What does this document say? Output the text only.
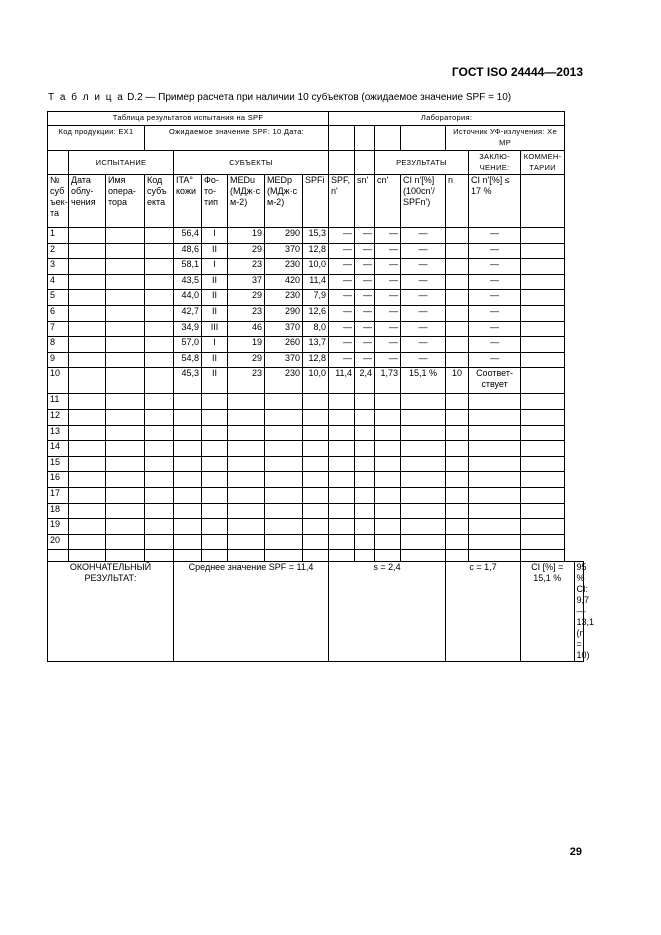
ГОСТ ISO 24444—2013
Т а б л и ц а D.2 — Пример расчета при наличии 10 субъектов (ожидаемое значение SPF = 10)
Таблица результатов испытания на SPF									Лаборатория:							
Код продукции: EX1			Ожидаемое значение SPF: 10 Дата:										Источник УФ-излучения: Xe MP			
	ИСПЫТАНИЕ			СУБЪЕКТЫ							РЕЗУЛЬТАТЫ			ЗАКЛЮ-ЧЕНИЕ:	КОММЕН-ТАРИИ	
№ суб ъек-та	Дата облу-чения	Имя опера-тора	Код субъ екта	ITA° кожи	Фо-то-тип	MEDu (МДж·с м-2)	MEDp (МДж·с м-2)	SPFi	SPF, n'	sn'	cn'	CI n'[%] (100cn'/ SPFn')	n	CI n'[%] ≤ 17 %		
1				56,4	I	19	290	15,3	—	—	—	—		—		
2				48,6	II	29	370	12,8	—	—	—	—		—		
3				58,1	I	23	230	10,0	—	—	—	—		—		
4				43,5	II	37	420	11,4	—	—	—	—		—		
5				44,0	II	29	230	7,9	—	—	—	—		—		
6				42,7	II	23	290	12,6	—	—	—	—		—		
7				34,9	III	46	370	8,0	—	—	—	—		—		
8				57,0	I	19	260	13,7	—	—	—	—		—		
9				54,8	II	29	370	12,8	—	—	—	—		—		
10				45,3	II	23	230	10,0	11,4	2,4	1,73	15,1 %	10	Соответ-ствует		
11																
12																
13																
14																
15																
16																
17																
18																
19																
20																

ОКОНЧАТЕЛЬНЫЙ РЕЗУЛЬТАТ:				Среднее значение SPF = 11,4					s = 2,4				c = 1,7		CI [%] = 15,1 %	95 % CI: 9,7 — 13,1 (n = 10)
29
